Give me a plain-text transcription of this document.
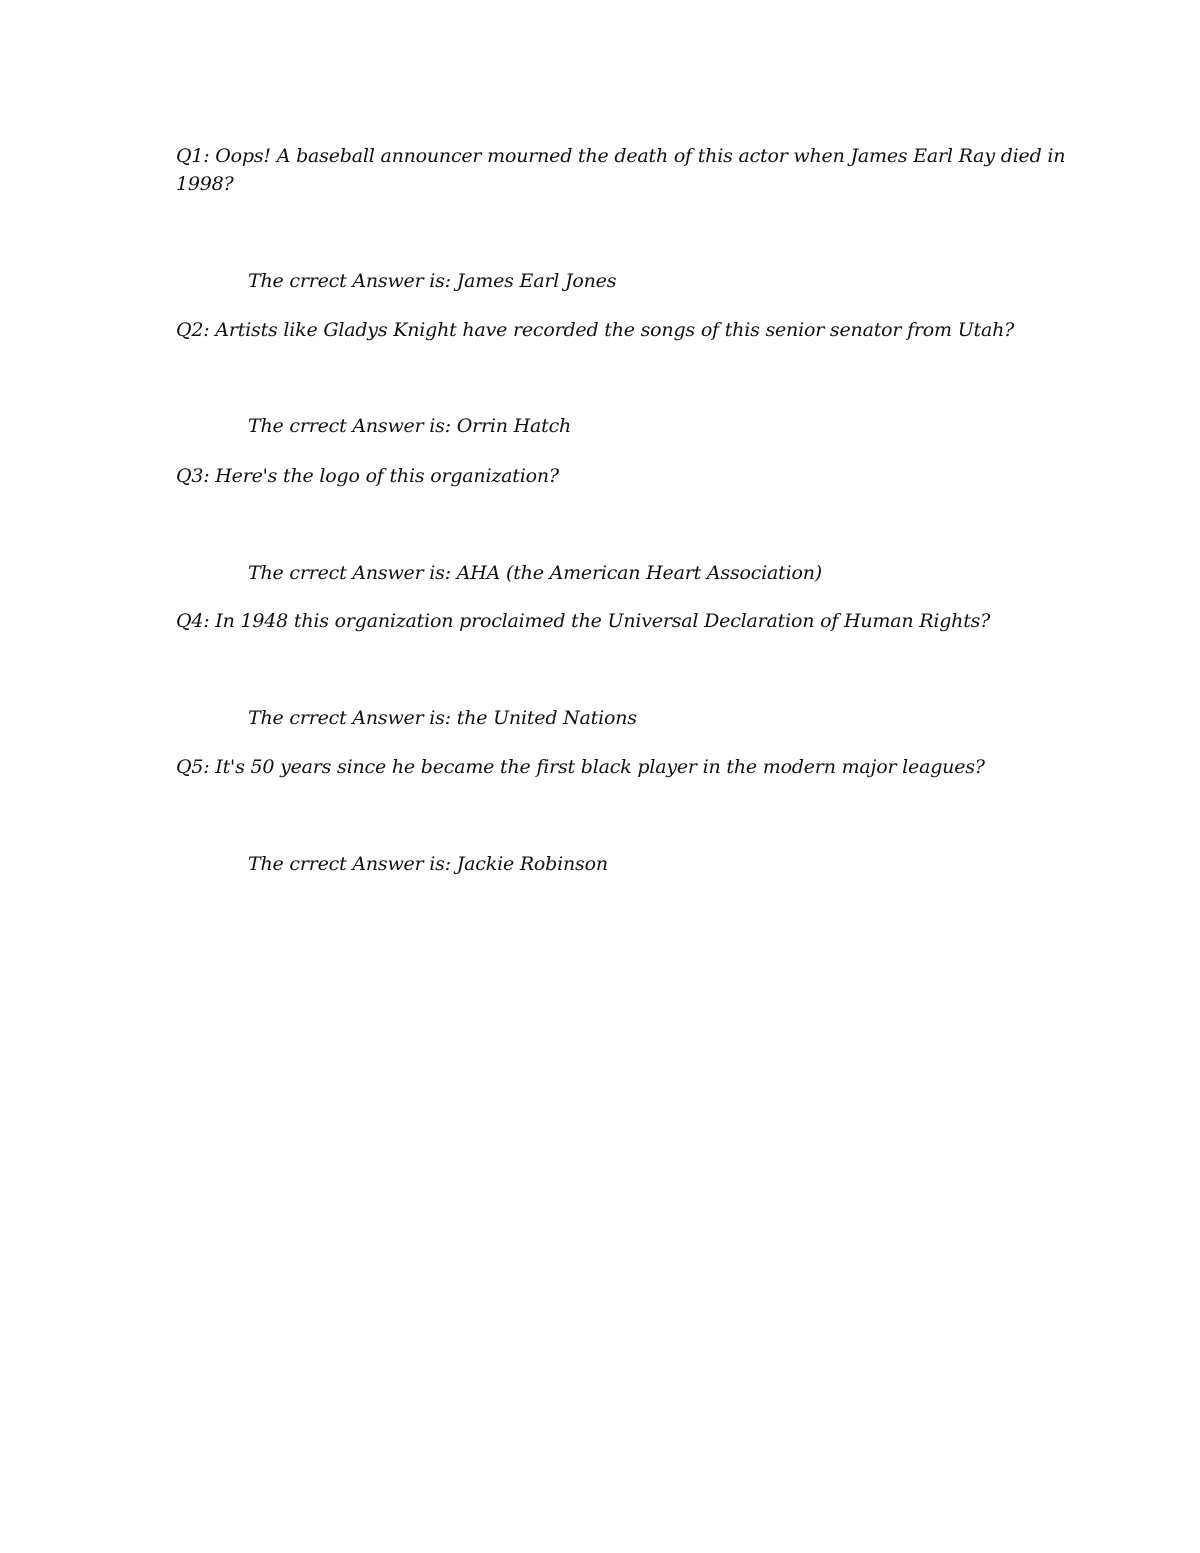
Q1: Oops! A baseball announcer mourned the death of this actor when James Earl Ray died in

1998?

The crrect Answer is: James Earl Jones

Q2: Artists like Gladys Knight have recorded the songs of this senior senator from Utah?

The crrect Answer is: Orrin Hatch

Q3: Here's the logo of this organization?

The crrect Answer is: AHA (the American Heart Association)

Q4: In 1948 this organization proclaimed the Universal Declaration of Human Rights?

The crrect Answer is: the United Nations

Q5: It's 50 years since he became the first black player in the modern major leagues?

The crrect Answer is: Jackie Robinson
